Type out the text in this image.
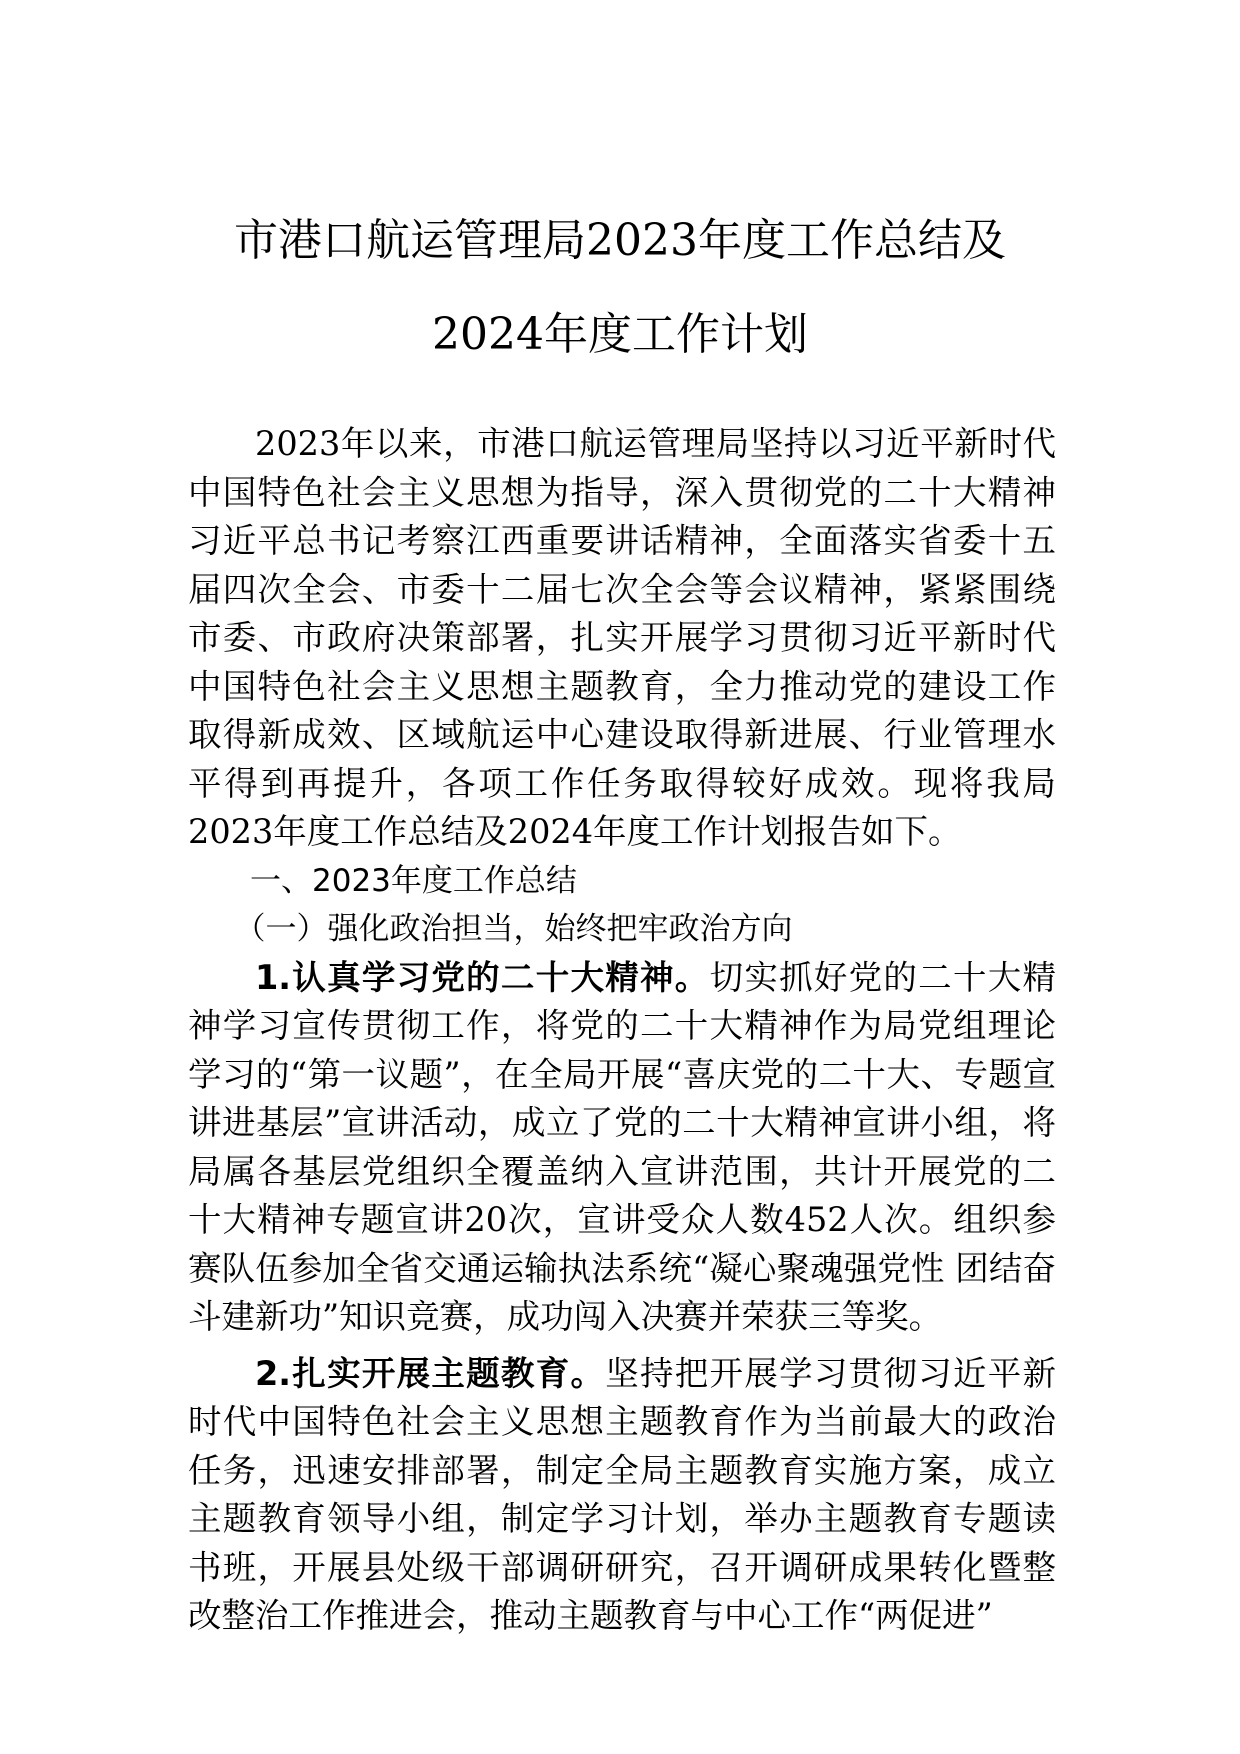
市港口航运管理局2023年度工作总结及
2024年度工作计划

2023年以来，市港口航运管理局坚持以习近平新时代中国特色社会主义思想为指导，深入贯彻党的二十大精神习近平总书记考察江西重要讲话精神，全面落实省委十五届四次全会、市委十二届七次全会等会议精神，紧紧围绕市委、市政府决策部署，扎实开展学习贯彻习近平新时代中国特色社会主义思想主题教育，全力推动党的建设工作取得新成效、区域航运中心建设取得新进展、行业管理水平得到再提升，各项工作任务取得较好成效。现将我局2023年度工作总结及2024年度工作计划报告如下。

一、2023年度工作总结

（一）强化政治担当，始终把牢政治方向

1.认真学习党的二十大精神。切实抓好党的二十大精神学习宣传贯彻工作，将党的二十大精神作为局党组理论学习的“第一议题”，在全局开展“喜庆党的二十大、专题宣讲进基层”宣讲活动，成立了党的二十大精神宣讲小组，将局属各基层党组织全覆盖纳入宣讲范围，共计开展党的二十大精神专题宣讲20次，宣讲受众人数452人次。组织参赛队伍参加全省交通运输执法系统“凝心聚魂强党性 团结奋斗建新功”知识竞赛，成功闯入决赛并荣获三等奖。

2.扎实开展主题教育。坚持把开展学习贯彻习近平新时代中国特色社会主义思想主题教育作为当前最大的政治任务，迅速安排部署，制定全局主题教育实施方案，成立主题教育领导小组，制定学习计划，举办主题教育专题读书班，开展县处级干部调研研究，召开调研成果转化暨整改整治工作推进会，推动主题教育与中心工作“两促进”
